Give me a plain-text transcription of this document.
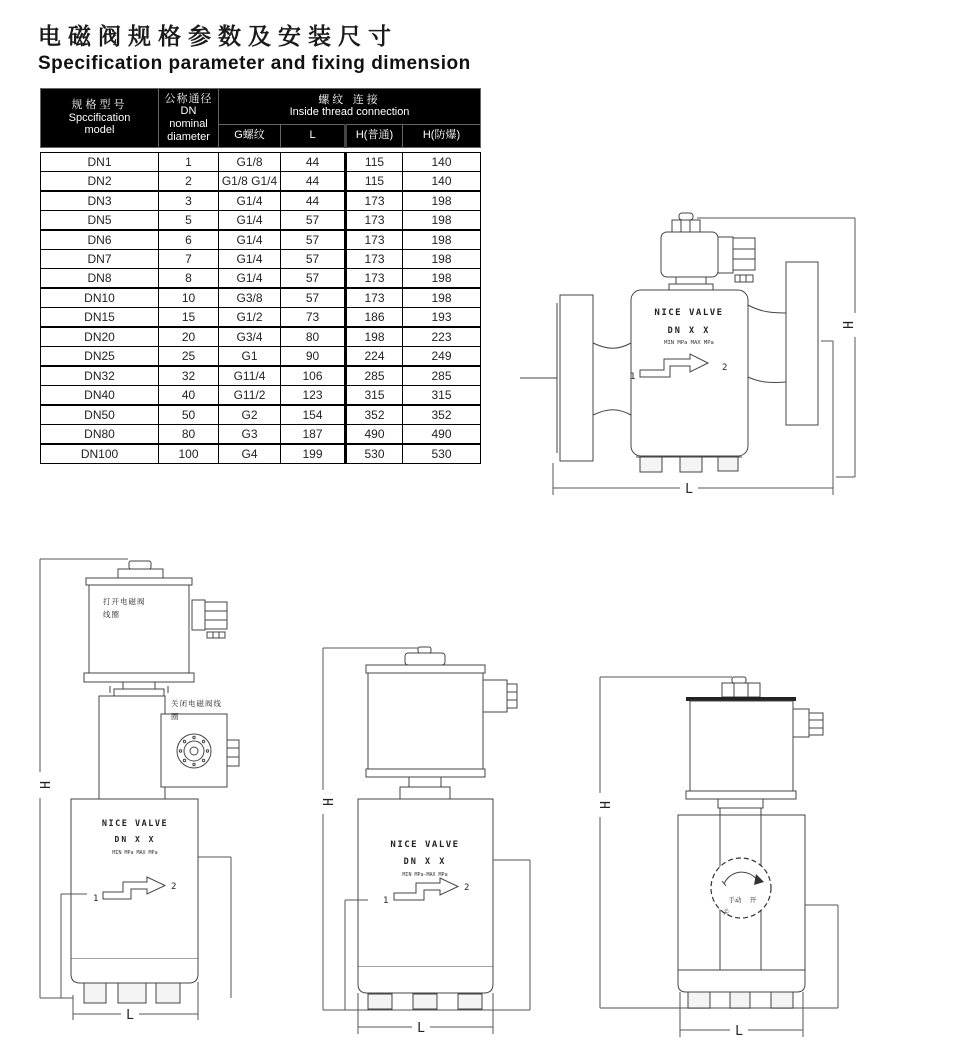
电磁阀规格参数及安装尺寸
Specification parameter and fixing dimension
规格型号
Spccification
model

公称通径
DN
nominal
diameter

螺纹 连接
Inside thread connection

		G螺纹	L	H(普通)	H(防爆)
DN1	1	G1/8	44	115	140
DN2	2	G1/8 G1/4	44	115	140
DN3	3	G1/4	44	173	198
DN5	5	G1/4	57	173	198
DN6	6	G1/4	57	173	198
DN7	7	G1/4	57	173	198
DN8	8	G1/4	57	173	198
DN10	10	G3/8	57	173	198
DN15	15	G1/2	73	186	193
DN20	20	G3/4	80	198	223
DN25	25	G1	90	224	249
DN32	32	G11/4	106	285	285
DN40	40	G11/2	123	315	315
DN50	50	G2	154	352	352
DN80	80	G3	187	490	490
DN100	100	G4	199	530	530
H
NICE VALVE
DN X X
MIN MPa MAX MPa
1
2
L
H
NICE VALVE
DN X X
MIN MPa MAX MPa
1
2
L
打开电磁阀线圈
关闭电磁阀线圈
H
NICE VALVE
DN X X
MIN MPa-MAX MPa
1
2
L
H
手动 开
关
L
